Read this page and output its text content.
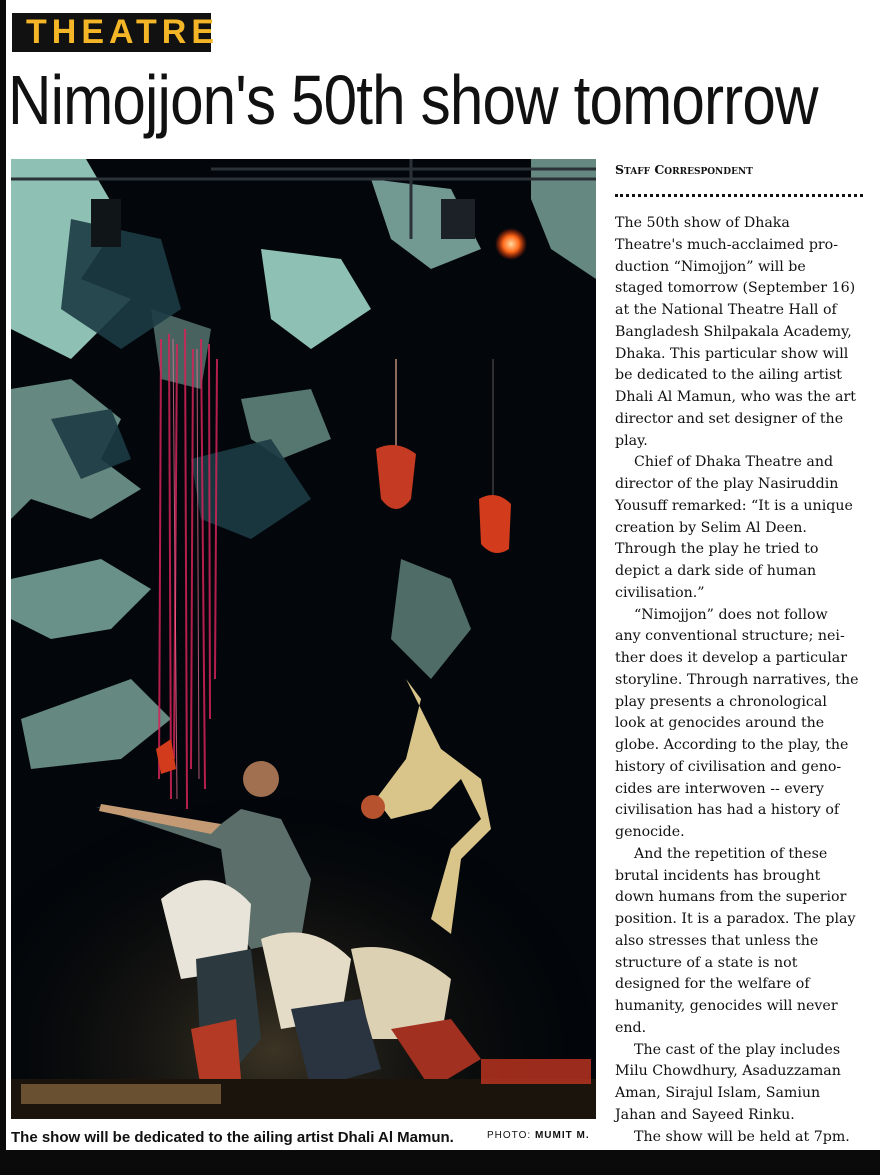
THEATRE
Nimojjon's 50th show tomorrow
The show will be dedicated to the ailing artist Dhali Al Mamun.	PHOTO: MUMIT M.
Staff Correspondent

The 50th show of Dhaka
Theatre's much-acclaimed pro-
duction “Nimojjon” will be
staged tomorrow (September 16)
at the National Theatre Hall of
Bangladesh Shilpakala Academy,
Dhaka. This particular show will
be dedicated to the ailing artist
Dhali Al Mamun, who was the art
director and set designer of the
play.

Chief of Dhaka Theatre and
director of the play Nasiruddin
Yousuff remarked: “It is a unique
creation by Selim Al Deen.
Through the play he tried to
depict a dark side of human
civilisation.”

“Nimojjon” does not follow
any conventional structure; nei-
ther does it develop a particular
storyline. Through narratives, the
play presents a chronological
look at genocides around the
globe. According to the play, the
history of civilisation and geno-
cides are interwoven -- every
civilisation has had a history of
genocide.

And the repetition of these
brutal incidents has brought
down humans from the superior
position. It is a paradox. The play
also stresses that unless the
structure of a state is not
designed for the welfare of
humanity, genocides will never
end.

The cast of the play includes
Milu Chowdhury, Asaduzzaman
Aman, Sirajul Islam, Samiun
Jahan and Sayeed Rinku.

The show will be held at 7pm.
